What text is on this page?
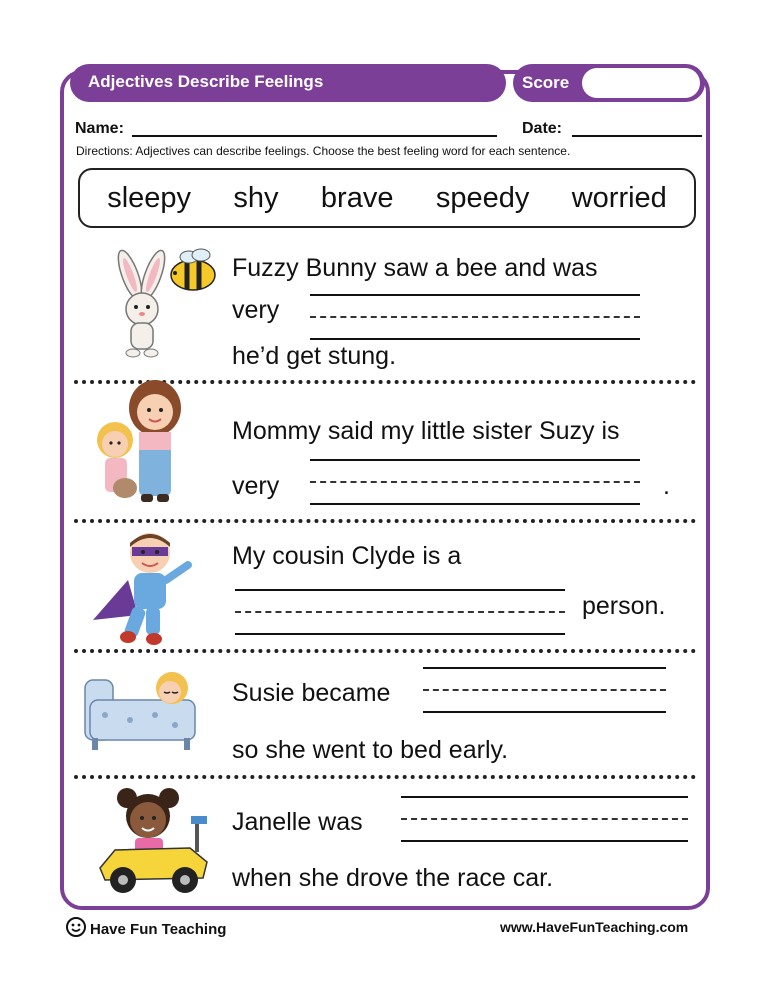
Adjectives Describe Feelings	Score
Name:	Date:
Directions: Adjectives can describe feelings. Choose the best feeling word for each sentence.
sleepy shy brave speedy worried
Fuzzy Bunny saw a bee and was
very
he’d get stung.
Mommy said my little sister Suzy is
very	.
My cousin Clyde is a
person.
Susie became
so she went to bed early.
Janelle was
when she drove the race car.
Have Fun Teaching	www.HaveFunTeaching.com
